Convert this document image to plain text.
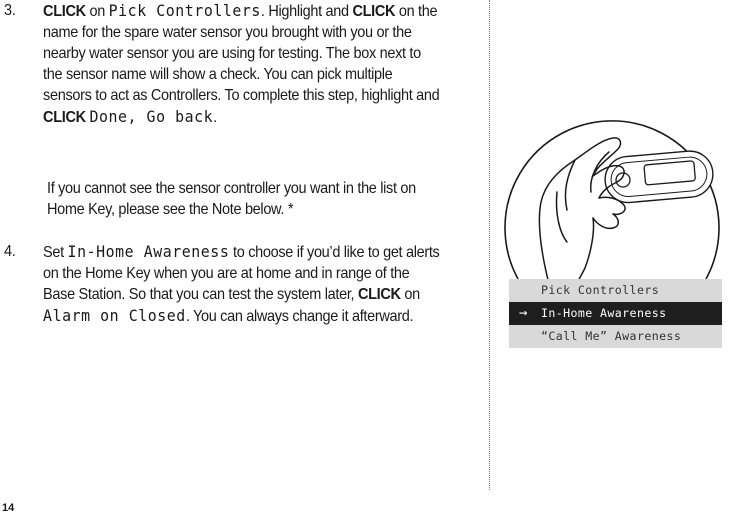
3. CLICK on Pick Controllers. Highlight and CLICK on the name for the spare water sensor you brought with you or the nearby water sensor you are using for testing. The box next to the sensor name will show a check. You can pick multiple sensors to act as Controllers. To complete this step, highlight and CLICK Done, Go back.
If you cannot see the sensor controller you want in the list on Home Key, please see the Note below. *
4. Set In-Home Awareness to choose if you’d like to get alerts on the Home Key when you are at home and in range of the Base Station. So that you can test the system later, CLICK on Alarm on Closed. You can always change it afterward.
Pick Controllers
→ In-Home Awareness
“Call Me” Awareness
14
